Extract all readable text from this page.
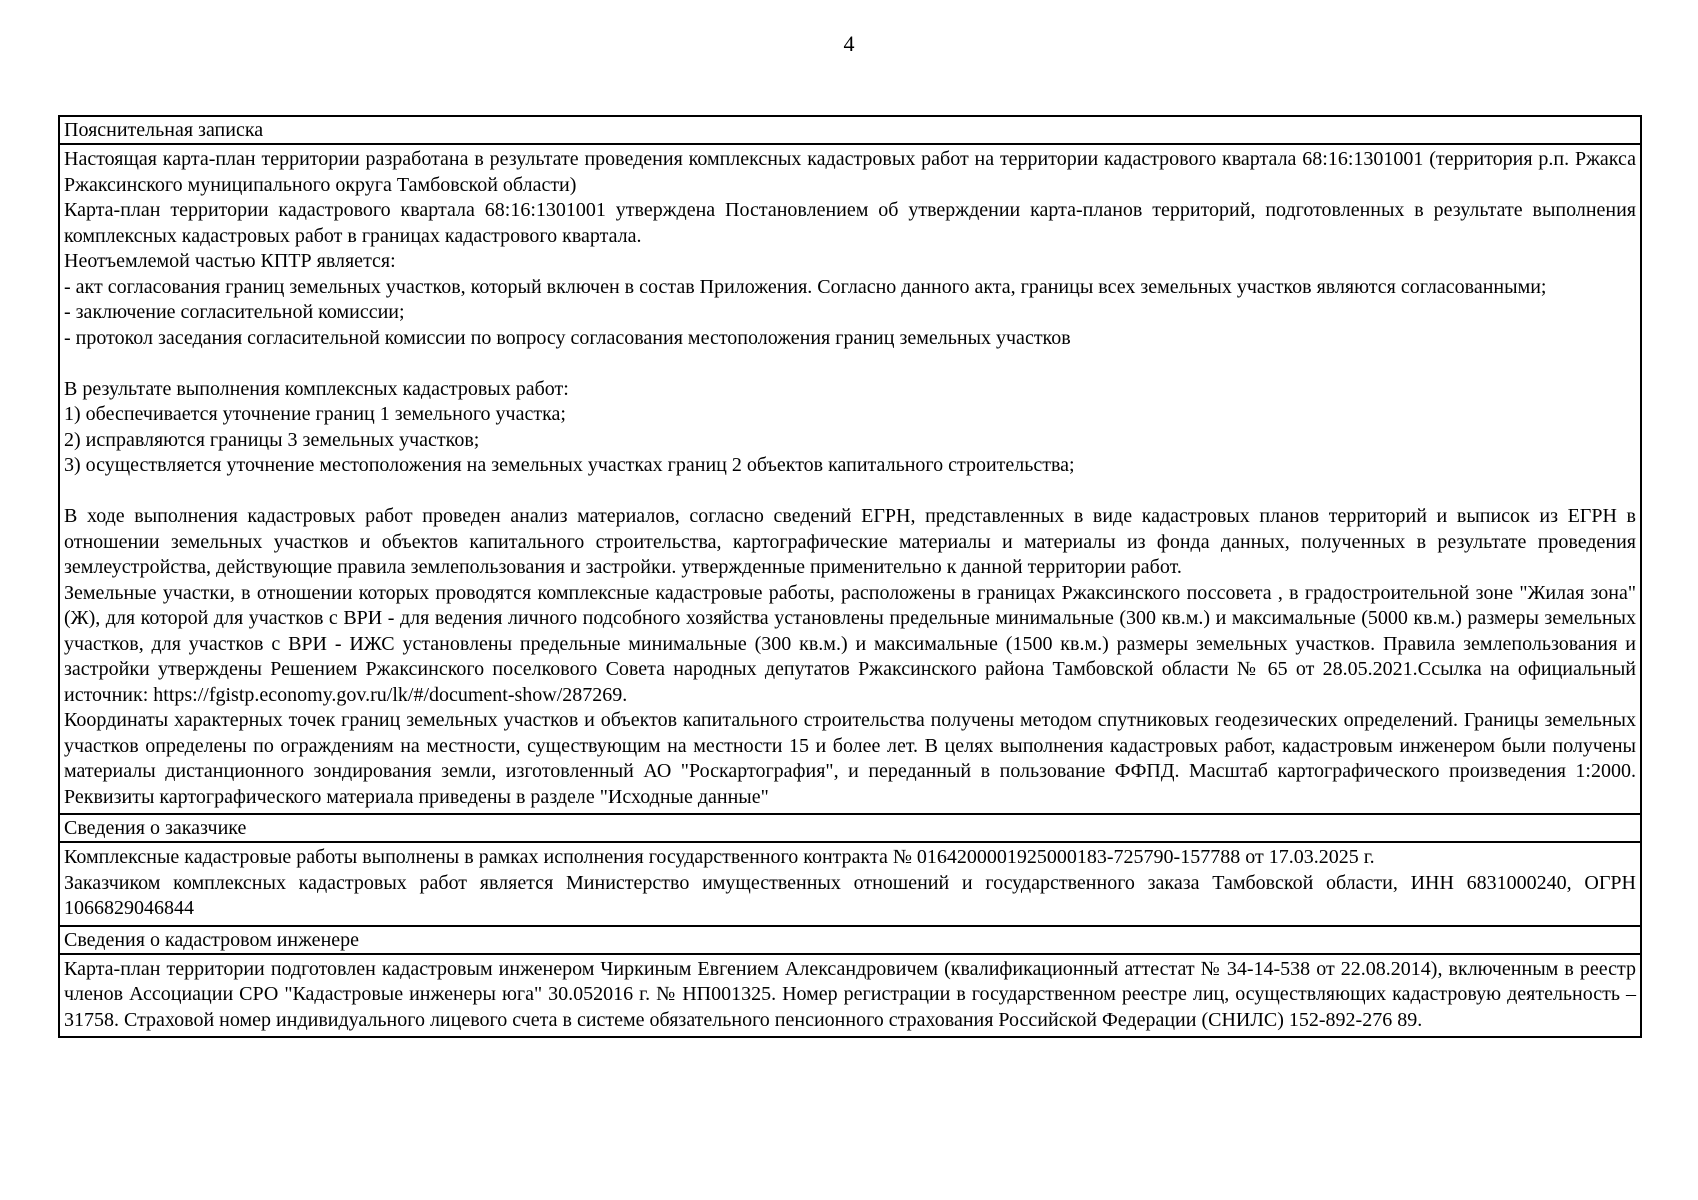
4
Пояснительная записка

Настоящая карта-план территории разработана в результате проведения комплексных кадастровых работ на территории кадастрового квартала 68:16:1301001 (территория р.п. Ржакса Ржаксинского муниципального округа Тамбовской области)

Карта-план территории кадастрового квартала 68:16:1301001 утверждена Постановлением об утверждении карта-планов территорий, подготовленных в результате выполнения комплексных кадастровых работ в границах кадастрового квартала.

Неотъемлемой частью КПТР является:

- акт согласования границ земельных участков, который включен в состав Приложения. Согласно данного акта, границы всех земельных участков являются согласованными;

- заключение согласительной комиссии;

- протокол заседания согласительной комиссии по вопросу согласования местоположения границ земельных участков

В результате выполнения комплексных кадастровых работ:

1) обеспечивается уточнение границ 1 земельного участка;

2) исправляются границы 3 земельных участков;

3) осуществляется уточнение местоположения на земельных участках границ 2 объектов капитального строительства;

В ходе выполнения кадастровых работ проведен анализ материалов, согласно сведений ЕГРН, представленных в виде кадастровых планов территорий и выписок из ЕГРН в отношении земельных участков и объектов капитального строительства, картографические материалы и материалы из фонда данных, полученных в результате проведения землеустройства, действующие правила землепользования и застройки. утвержденные применительно к данной территории работ.

Земельные участки, в отношении которых проводятся комплексные кадастровые работы, расположены в границах Ржаксинского поссовета , в градостроительной зоне "Жилая зона" (Ж), для которой для участков с ВРИ - для ведения личного подсобного хозяйства установлены предельные минимальные (300 кв.м.) и максимальные (5000 кв.м.) размеры земельных участков, для участков с ВРИ - ИЖС установлены предельные минимальные (300 кв.м.) и максимальные (1500 кв.м.) размеры земельных участков. Правила землепользования и застройки утверждены Решением Ржаксинского поселкового Совета народных депутатов Ржаксинского района Тамбовской области № 65 от 28.05.2021.Ссылка на официальный источник: https://fgistp.economy.gov.ru/lk/#/document-show/287269.

Координаты характерных точек границ земельных участков и объектов капитального строительства получены методом спутниковых геодезических определений. Границы земельных участков определены по ограждениям на местности, существующим на местности 15 и более лет. В целях выполнения кадастровых работ, кадастровым инженером были получены материалы дистанционного зондирования земли, изготовленный АО "Роскартография", и переданный в пользование ФФПД. Масштаб картографического произведения 1:2000. Реквизиты картографического материала приведены в разделе "Исходные данные"

Сведения о заказчике

Комплексные кадастровые работы выполнены в рамках исполнения государственного контракта № 0164200001925000183-725790-157788 от 17.03.2025 г.

Заказчиком комплексных кадастровых работ является Министерство имущественных отношений и государственного заказа Тамбовской области, ИНН 6831000240, ОГРН 1066829046844

Сведения о кадастровом инженере

Карта-план территории подготовлен кадастровым инженером Чиркиным Евгением Александровичем (квалификационный аттестат № 34-14-538 от 22.08.2014), включенным в реестр членов Ассоциации СРО "Кадастровые инженеры юга" 30.052016 г. № НП001325. Номер регистрации в государственном реестре лиц, осуществляющих кадастровую деятельность – 31758. Страховой номер индивидуального лицевого счета в системе обязательного пенсионного страхования Российской Федерации (СНИЛС) 152-892-276 89.
